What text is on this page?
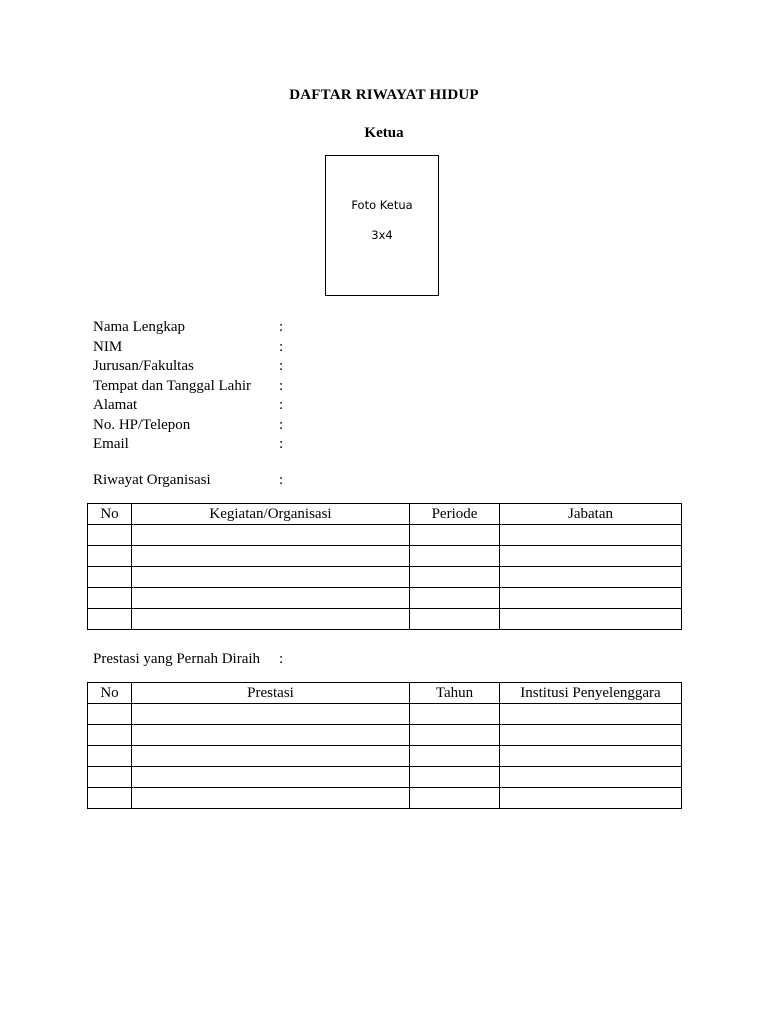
DAFTAR RIWAYAT HIDUP
Ketua
Foto Ketua
3x4
Nama Lengkap	:
NIM	:
Jurusan/Fakultas	:
Tempat dan Tanggal Lahir	:
Alamat	:
No. HP/Telepon	:
Email	:
Riwayat Organisasi	:
No	Kegiatan/Organisasi	Periode	Jabatan

Prestasi yang Pernah Diraih	:
No	Prestasi	Tahun	Institusi Penyelenggara
